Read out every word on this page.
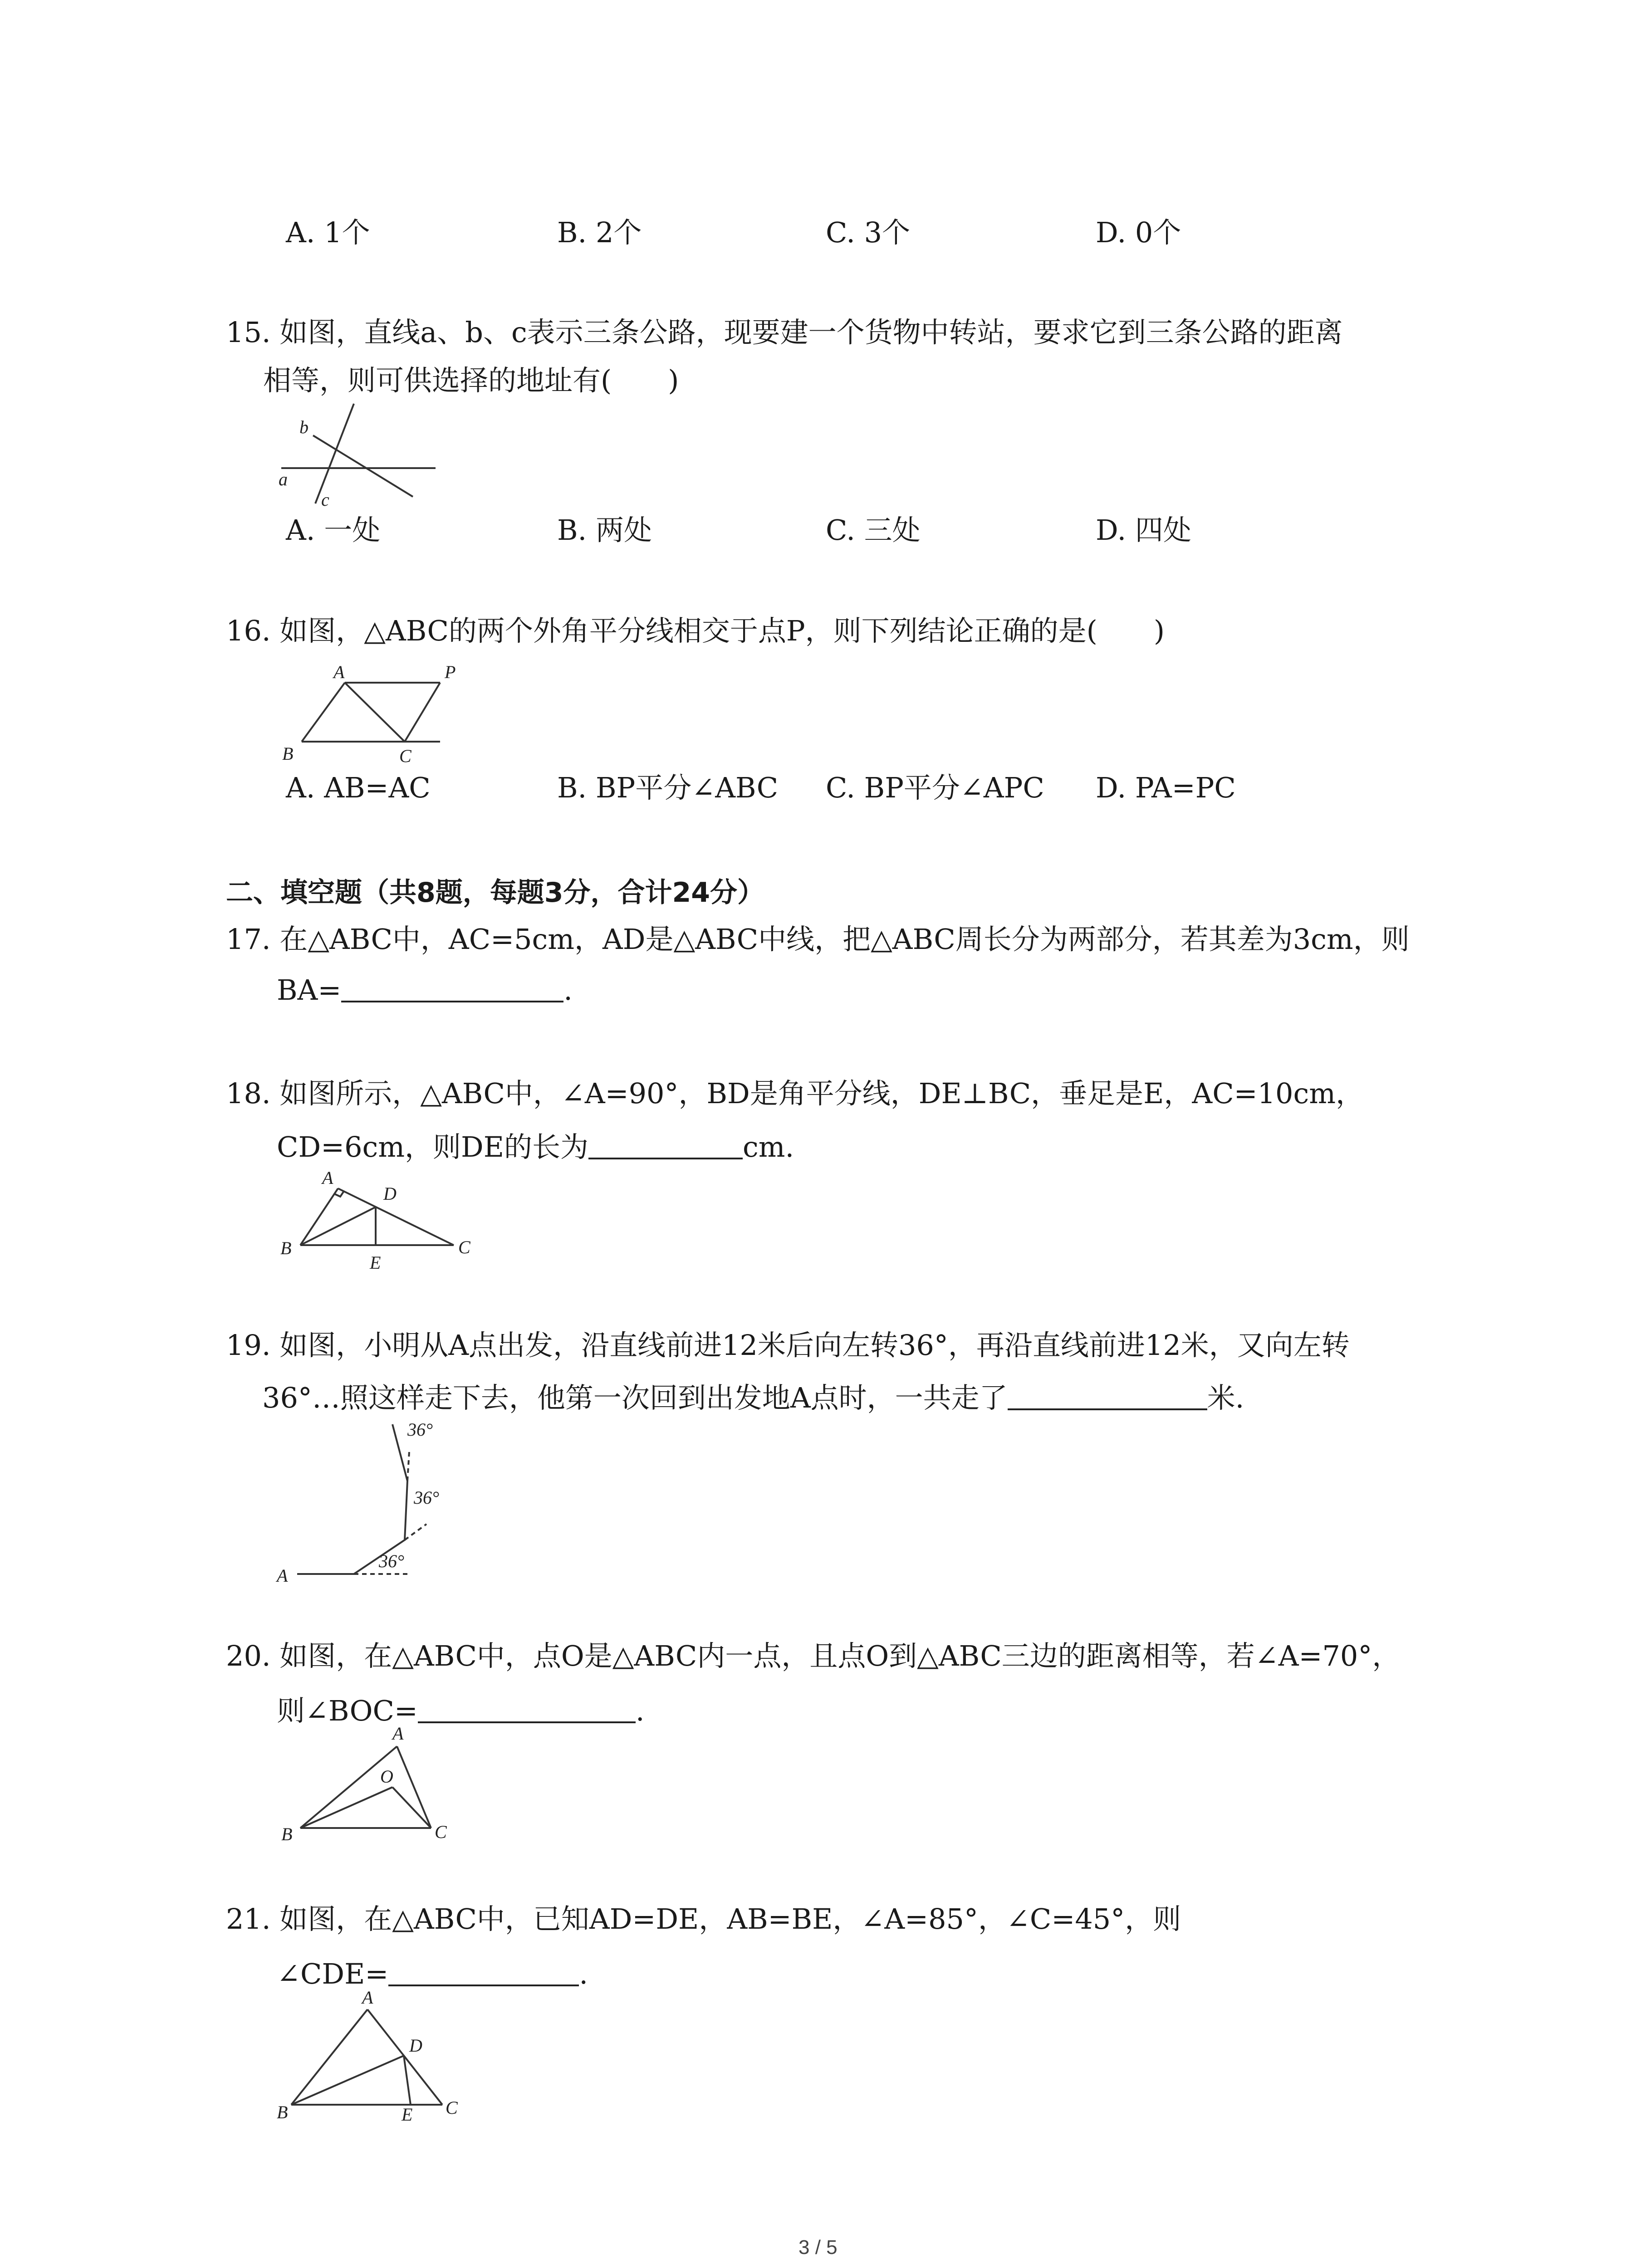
A. 1个	B. 2个	C. 3个	D. 0个
15. 如图，直线a、b、c表示三条公路，现要建一个货物中转站，要求它到三条公路的距离
相等，则可供选择的地址有(　　)
b
a
c
A. 一处	B. 两处	C. 三处	D. 四处
16. 如图，△ABC的两个外角平分线相交于点P，则下列结论正确的是(　　)
A	P
B	C
A. AB=AC	B. BP平分∠ABC C. BP平分∠APC D. PA=PC
二、填空题（共8题，每题3分，合计24分）
17. 在△ABC中，AC=5cm，AD是△ABC中线，把△ABC周长分为两部分，若其差为3cm，则
BA=	.
18. 如图所示，△ABC中，∠A=90°，BD是角平分线，DE⊥BC，垂足是E，AC=10cm，
CD=6cm，则DE的长为	cm.
A
D
B
E
C
19. 如图，小明从A点出发，沿直线前进12米后向左转36°，再沿直线前进12米，又向左转
36°…照这样走下去，他第一次回到出发地A点时，一共走了	米.
A
36°
36°
36°
20. 如图，在△ABC中，点O是△ABC内一点，且点O到△ABC三边的距离相等，若∠A=70°，
则∠BOC=	.
A
O
B	C
21. 如图，在△ABC中，已知AD=DE，AB=BE，∠A=85°，∠C=45°，则
∠CDE=	.
A
D
B	E C
3 / 5
